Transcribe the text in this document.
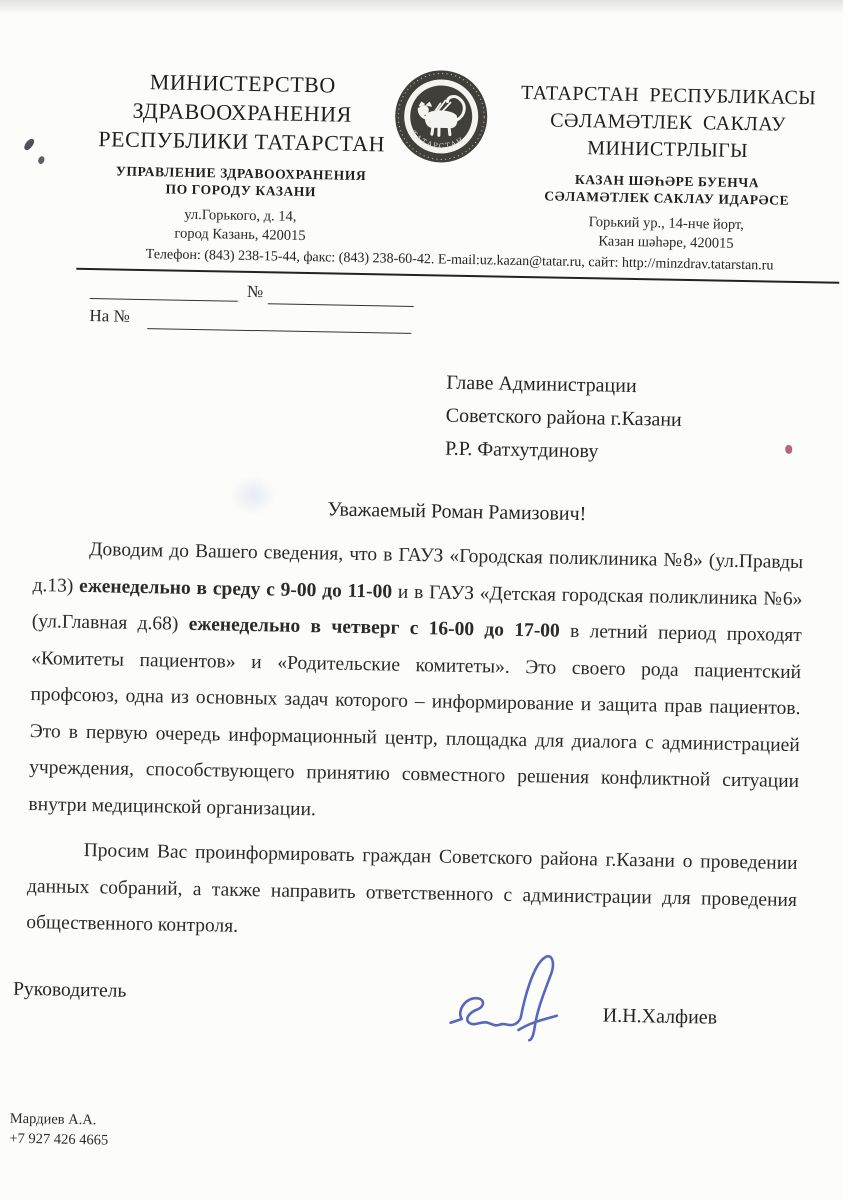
МИНИСТЕРСТВО
ЗДРАВООХРАНЕНИЯ
РЕСПУБЛИКИ ТАТАРСТАН
УПРАВЛЕНИЕ ЗДРАВООХРАНЕНИЯ
ПО ГОРОДУ КАЗАНИ
ул.Горького, д. 14,
город Казань, 420015
ТАТАРСТАН
ТАТАРСТАН РЕСПУБЛИКАСЫ
СӘЛАМӘТЛЕК САКЛАУ
МИНИСТРЛЫГЫ
КАЗАН ШӘҺӘРЕ БУЕНЧА
СӘЛАМӘТЛЕК САКЛАУ ИДАРӘСЕ
Горький ур., 14-нче йорт,
Казан шәһәре, 420015
Телефон: (843) 238-15-44, факс: (843) 238-60-42. E-mail:uz.kazan@tatar.ru, сайт: http://minzdrav.tatarstan.ru
№
На №
Главе Администрации
Советского района г.Казани
Р.Р. Фатхутдинову
Уважаемый Роман Рамизович!

Доводим до Вашего сведения, что в ГАУЗ «Городская поликлиника №8» (ул.Правды д.13) еженедельно в среду с 9-00 до 11-00 и в ГАУЗ «Детская городская поликлиника №6» (ул.Главная д.68) еженедельно в четверг с 16-00 до 17-00 в летний период проходят «Комитеты пациентов» и «Родительские комитеты». Это своего рода пациентский профсоюз, одна из основных задач которого – информирование и защита прав пациентов. Это в первую очередь информационный центр, площадка для диалога с администрацией учреждения, способствующего принятию совместного решения конфликтной ситуации внутри медицинской организации.

Просим Вас проинформировать граждан Советского района г.Казани о проведении данных собраний, а также направить ответственного с администрации для проведения общественного контроля.

Руководитель
И.Н.Халфиев
Мардиев А.А.
+7 927 426 4665
